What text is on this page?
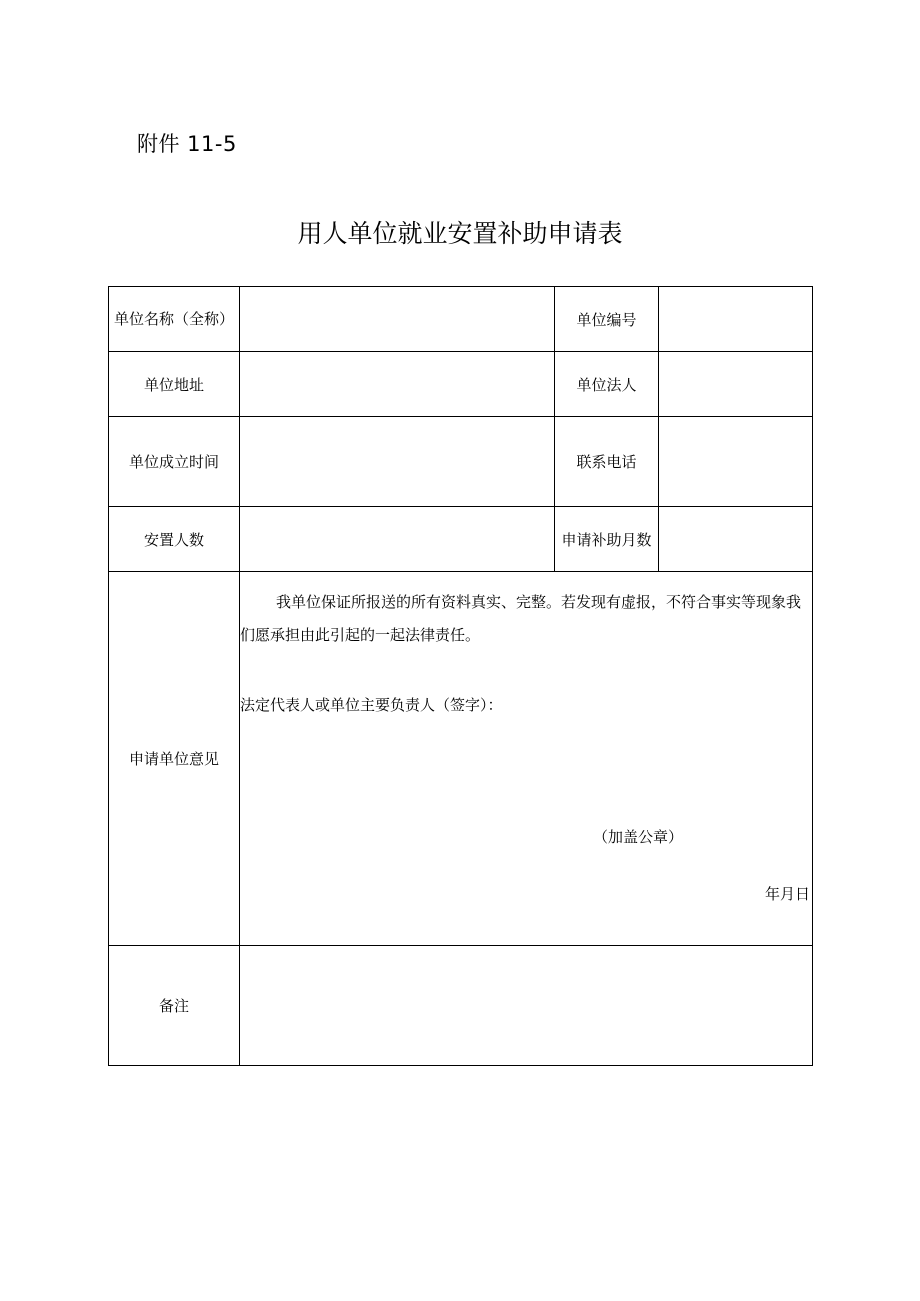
附件 11-5
用人单位就业安置补助申请表
单位名称（全称）		单位编号	
单位地址		单位法人	
单位成立时间		联系电话	
安置人数		申请补助月数	
申请单位意见	我单位保证所报送的所有资料真实、完整。若发现有虚报，不符合事实等现象我们愿承担由此引起的一起法律责任。

法定代表人或单位主要负责人（签字）：

（加盖公章）

年月日		

备注			
